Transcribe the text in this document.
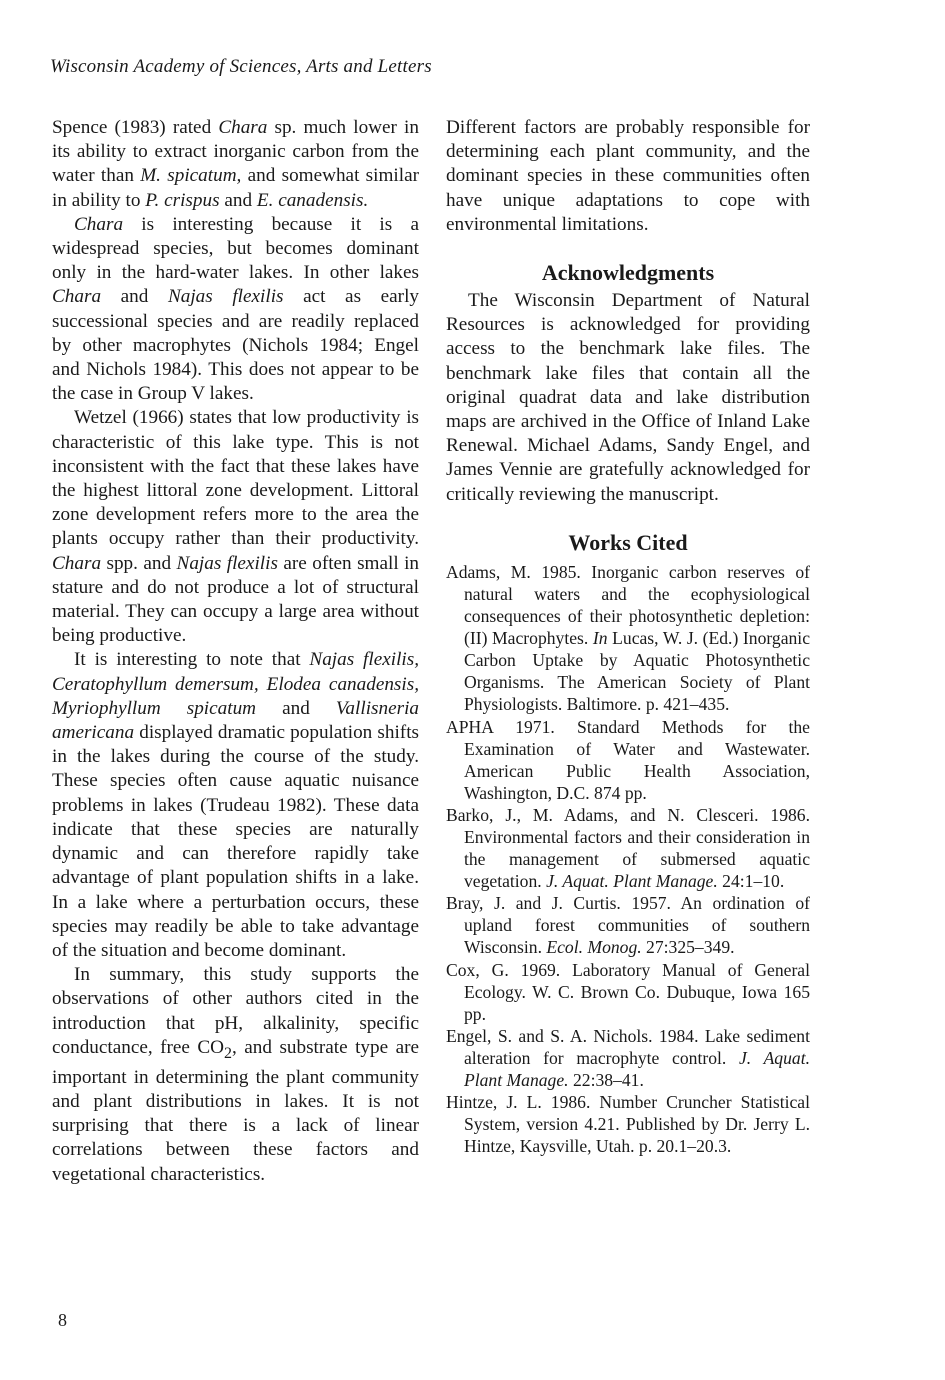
Wisconsin Academy of Sciences, Arts and Letters

Spence (1983) rated Chara sp. much lower in its ability to extract inorganic carbon from the water than M. spicatum, and somewhat similar in ability to P. crispus and E. canadensis.

Chara is interesting because it is a widespread species, but becomes dominant only in the hard-water lakes. In other lakes Chara and Najas flexilis act as early successional species and are readily replaced by other macrophytes (Nichols 1984; Engel and Nichols 1984). This does not appear to be the case in Group V lakes.

Wetzel (1966) states that low productivity is characteristic of this lake type. This is not inconsistent with the fact that these lakes have the highest littoral zone development. Littoral zone development refers more to the area the plants occupy rather than their productivity. Chara spp. and Najas flexilis are often small in stature and do not produce a lot of structural material. They can occupy a large area without being productive.

It is interesting to note that Najas flexilis, Ceratophyllum demersum, Elodea canadensis, Myriophyllum spicatum and Vallisneria americana displayed dramatic population shifts in the lakes during the course of the study. These species often cause aquatic nuisance problems in lakes (Trudeau 1982). These data indicate that these species are naturally dynamic and can therefore rapidly take advantage of plant population shifts in a lake. In a lake where a perturbation occurs, these species may readily be able to take advantage of the situation and become dominant.

In summary, this study supports the observations of other authors cited in the introduction that pH, alkalinity, specific conductance, free $CO_2$, and substrate type are important in determining the plant community and plant distributions in lakes. It is not surprising that there is a lack of linear correlations between these factors and vegetational characteristics.

Different factors are probably responsible for determining each plant community, and the dominant species in these communities often have unique adaptations to cope with environmental limitations.

Acknowledgments

The Wisconsin Department of Natural Resources is acknowledged for providing access to the benchmark lake files. The benchmark lake files that contain all the original quadrat data and lake distribution maps are archived in the Office of Inland Lake Renewal. Michael Adams, Sandy Engel, and James Vennie are gratefully acknowledged for critically reviewing the manuscript.

Works Cited

Adams, M. 1985. Inorganic carbon reserves of natural waters and the ecophysiological consequences of their photosynthetic depletion: (II) Macrophytes. In Lucas, W. J. (Ed.) Inorganic Carbon Uptake by Aquatic Photosynthetic Organisms. The American Society of Plant Physiologists. Baltimore. p. 421–435.

APHA 1971. Standard Methods for the Examination of Water and Wastewater. American Public Health Association, Washington, D.C. 874 pp.

Barko, J., M. Adams, and N. Clesceri. 1986. Environmental factors and their consideration in the management of submersed aquatic vegetation. J. Aquat. Plant Manage. 24:1–10.

Bray, J. and J. Curtis. 1957. An ordination of upland forest communities of southern Wisconsin. Ecol. Monog. 27:325–349.

Cox, G. 1969. Laboratory Manual of General Ecology. W. C. Brown Co. Dubuque, Iowa 165 pp.

Engel, S. and S. A. Nichols. 1984. Lake sediment alteration for macrophyte control. J. Aquat. Plant Manage. 22:38–41.

Hintze, J. L. 1986. Number Cruncher Statistical System, version 4.21. Published by Dr. Jerry L. Hintze, Kaysville, Utah. p. 20.1–20.3.

8
